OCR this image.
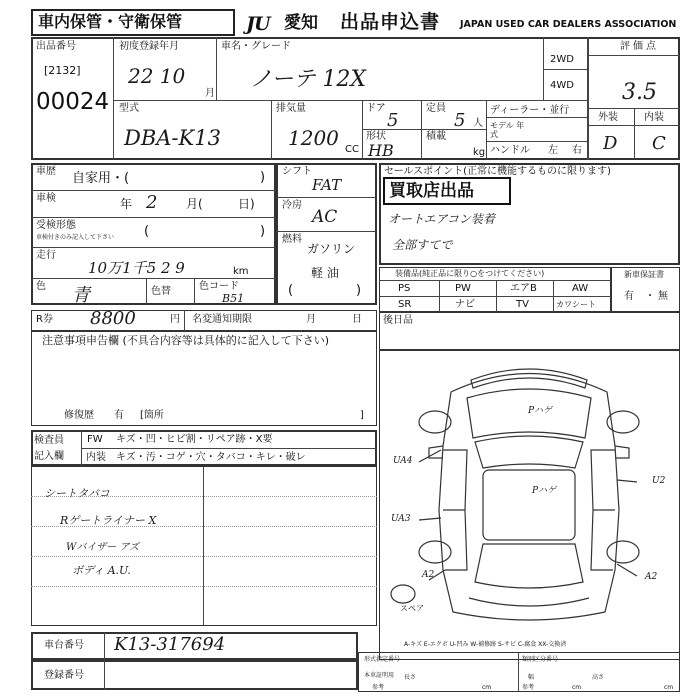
車内保管・守衛保管	JU 愛知 出品申込書 JAPAN USED CAR DEALERS ASSOCIATION
出品番号
[2132]
00024
初度登録年月
22 10
月
車名・グレード
ノーテ 12X
2WD
4WD
評価点
3.5
外装	内装
D C
型式
DBA-K13
排気量
1200 CC
ドア
5
定員
5 人
形状
HB
積載
kg
ディーラー・並行
モデル 年式
ハンドル 左 右
車歴 自家用・(	)
車検	年 2 月(	日)
受検形態
車検付きのみ記入して下さい (	)
走行
10万1千5 2 9	km
色 青	色替	色コード
B51
シフト
FAT
冷房
AC
燃料
ガソリン
軽 油
(	)
セールスポイント(正常に機能するものに限ります)
買取店出品
オートエアコン装着
全部すてで
装備品(純正品に限り○をつけてください)
PS	PW	エアB	AW
SR	ナビ	TV	カワシート
新車保証書
有 ・ 無
R券 8800	円 名変通知期限	月	日 後日品
注意事項申告欄 (不具合内容等は具体的に記入して下さい)
修復歴 有 [箇所	]
検査員
記入欄
FW キズ・凹・ヒビ割・リペア跡・X要
内装 キズ・汚・コゲ・穴・タバコ・キレ・破レ
シートタバコ
Rゲートライナー X
Wバイザー アズ
ボディ A.U.
Pハゲ
Pハゲ
UA4
UA3
U2
A2	A2
スペア
A-キズ E-エクボ U-凹み W-補修跡 S-サビ C-腐食 XX-交換済
車台番号 K13-317694
登録番号
形式指定番号
本車証明用
参考
長さ
cm
類別区分番号
参考
幅
cm
高さ
cm
